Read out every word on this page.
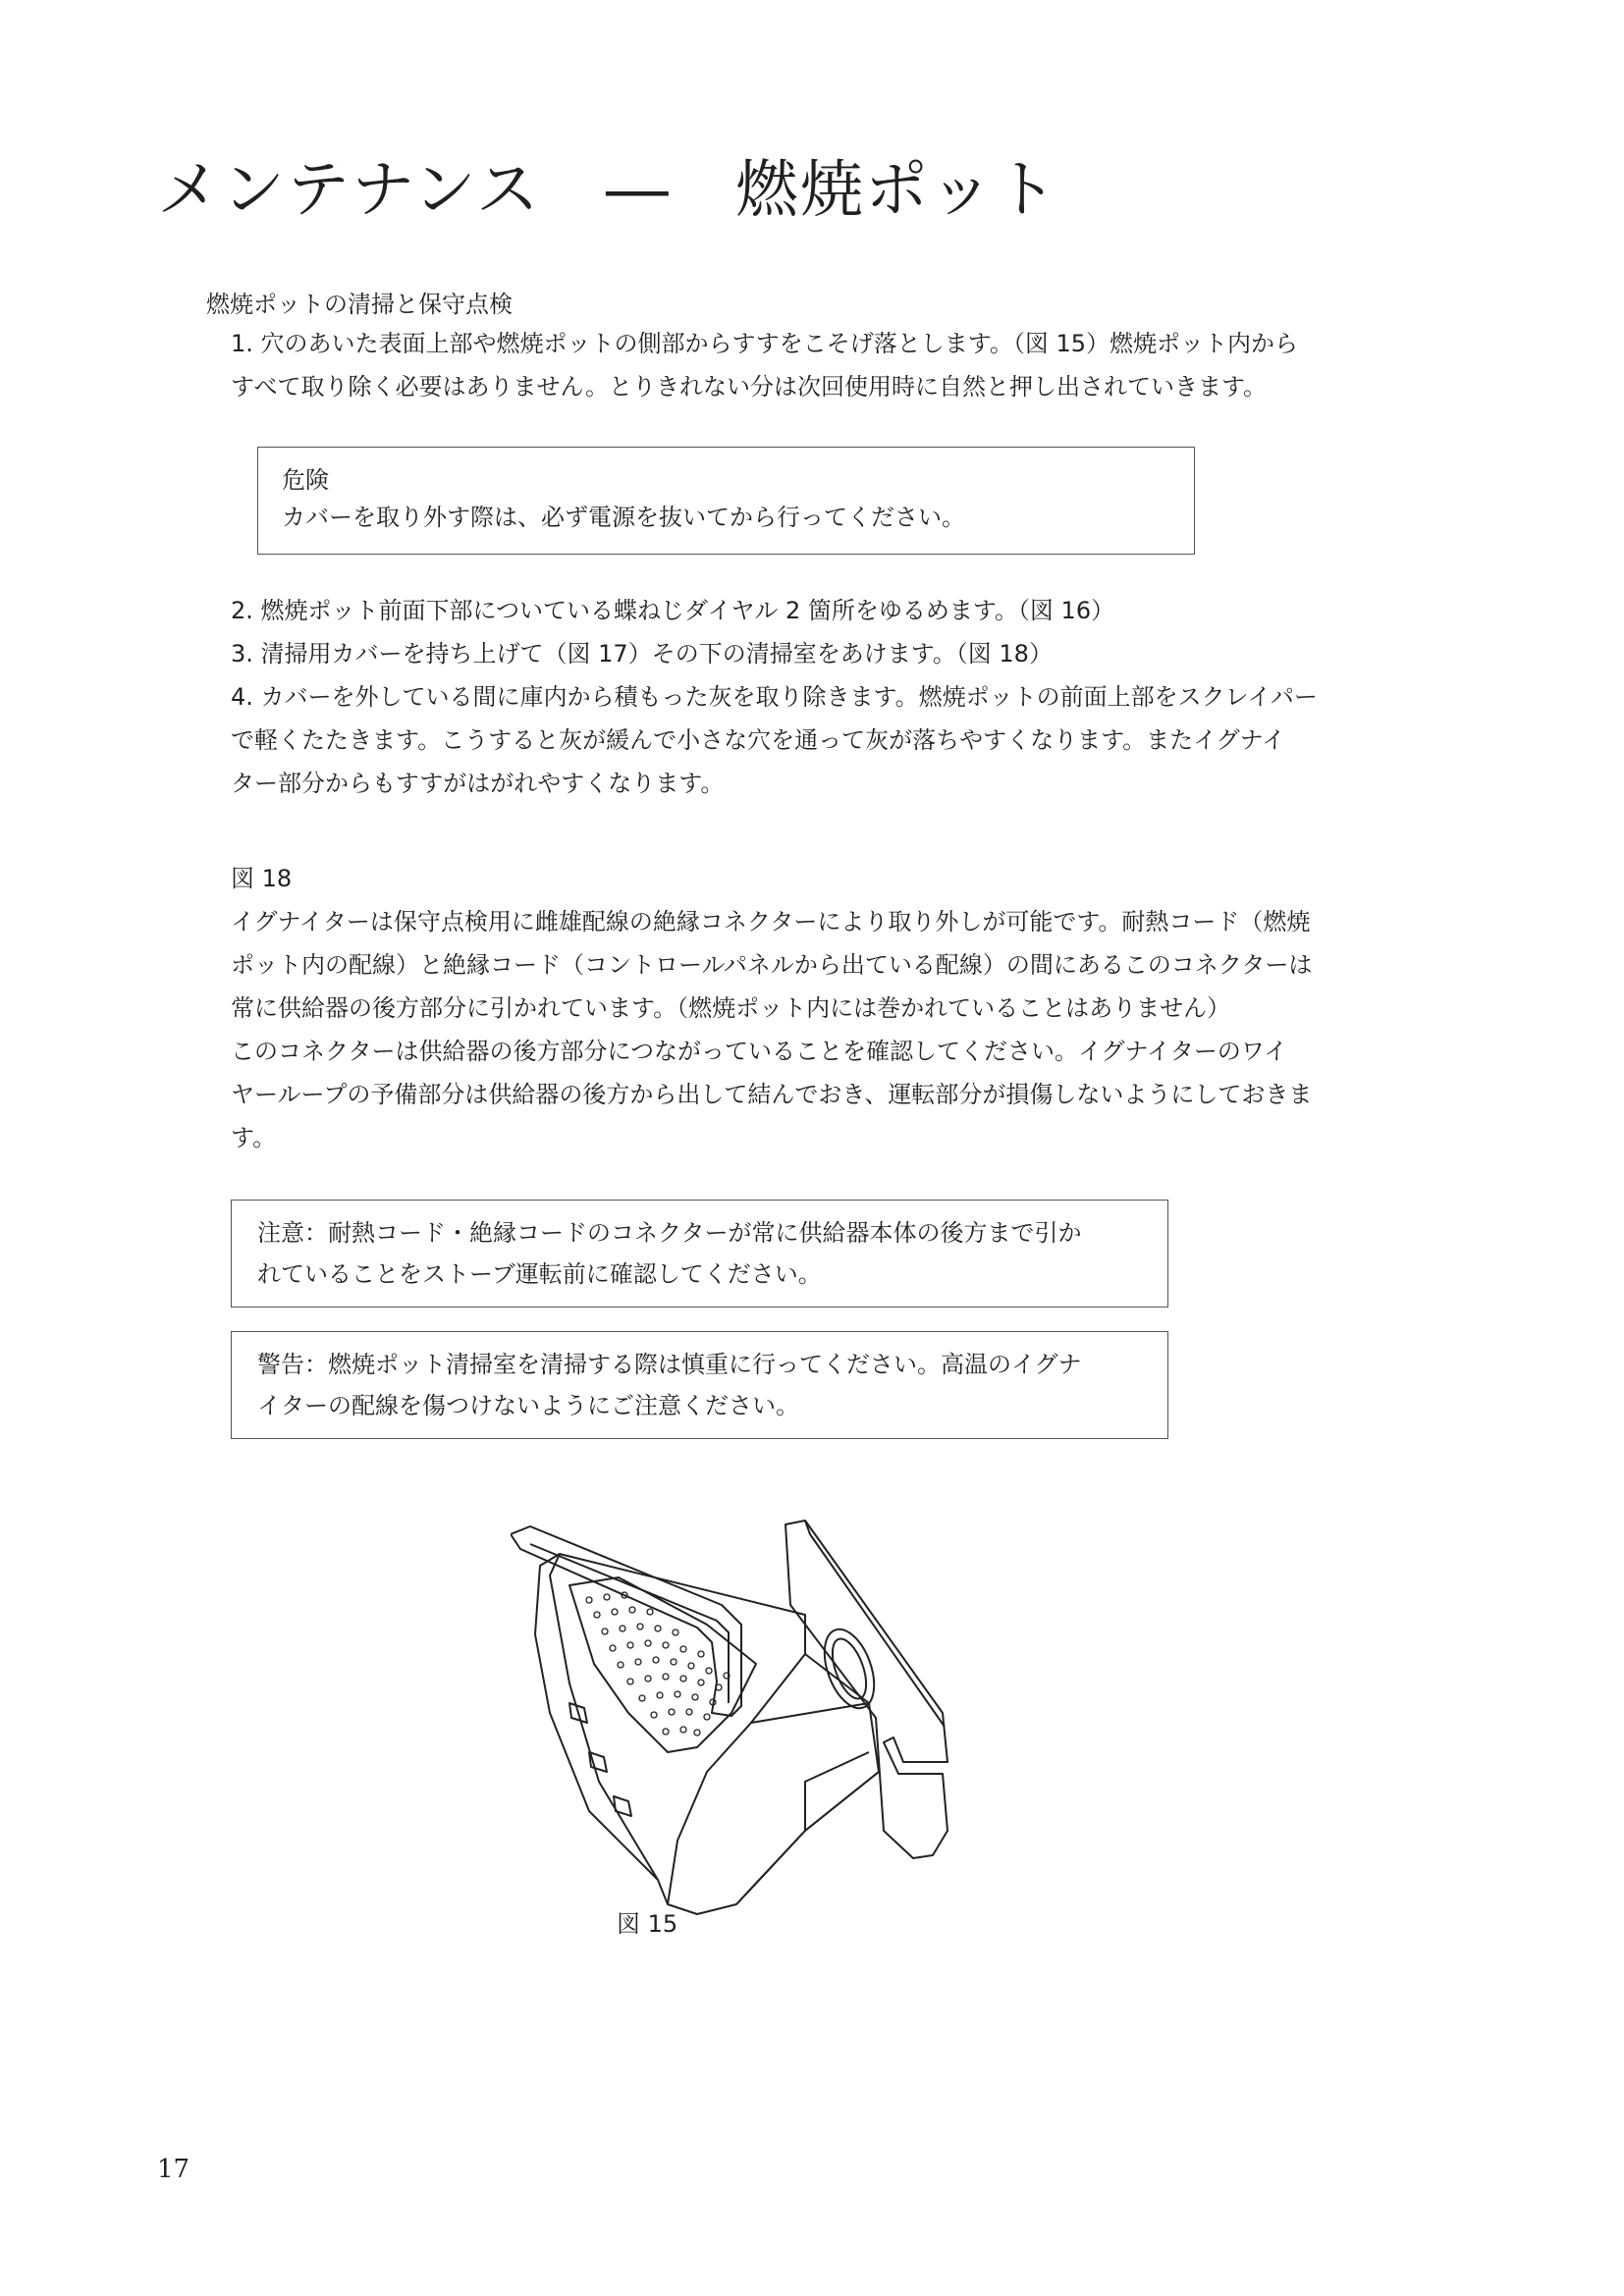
メンテナンス　―　燃焼ポット

燃焼ポットの清掃と保守点検

1. 穴のあいた表面上部や燃焼ポットの側部からすすをこそげ落とします。（図 15）燃焼ポット内から
すべて取り除く必要はありません。とりきれない分は次回使用時に自然と押し出されていきます。
危険
カバーを取り外す際は、必ず電源を抜いてから行ってください。
2. 燃焼ポット前面下部についている蝶ねじダイヤル 2 箇所をゆるめます。（図 16）
3. 清掃用カバーを持ち上げて（図 17）その下の清掃室をあけます。（図 18）
4. カバーを外している間に庫内から積もった灰を取り除きます。燃焼ポットの前面上部をスクレイパー
で軽くたたきます。こうすると灰が緩んで小さな穴を通って灰が落ちやすくなります。またイグナイ
ター部分からもすすがはがれやすくなります。
図 18
イグナイターは保守点検用に雌雄配線の絶縁コネクターにより取り外しが可能です。耐熱コード（燃焼
ポット内の配線）と絶縁コード（コントロールパネルから出ている配線）の間にあるこのコネクターは
常に供給器の後方部分に引かれています。（燃焼ポット内には巻かれていることはありません）
このコネクターは供給器の後方部分につながっていることを確認してください。イグナイターのワイ
ヤーループの予備部分は供給器の後方から出して結んでおき、運転部分が損傷しないようにしておきま
す。
注意：耐熱コード・絶縁コードのコネクターが常に供給器本体の後方まで引か
れていることをストーブ運転前に確認してください。
警告：燃焼ポット清掃室を清掃する際は慎重に行ってください。高温のイグナ
イターの配線を傷つけないようにご注意ください。
図 15
17
